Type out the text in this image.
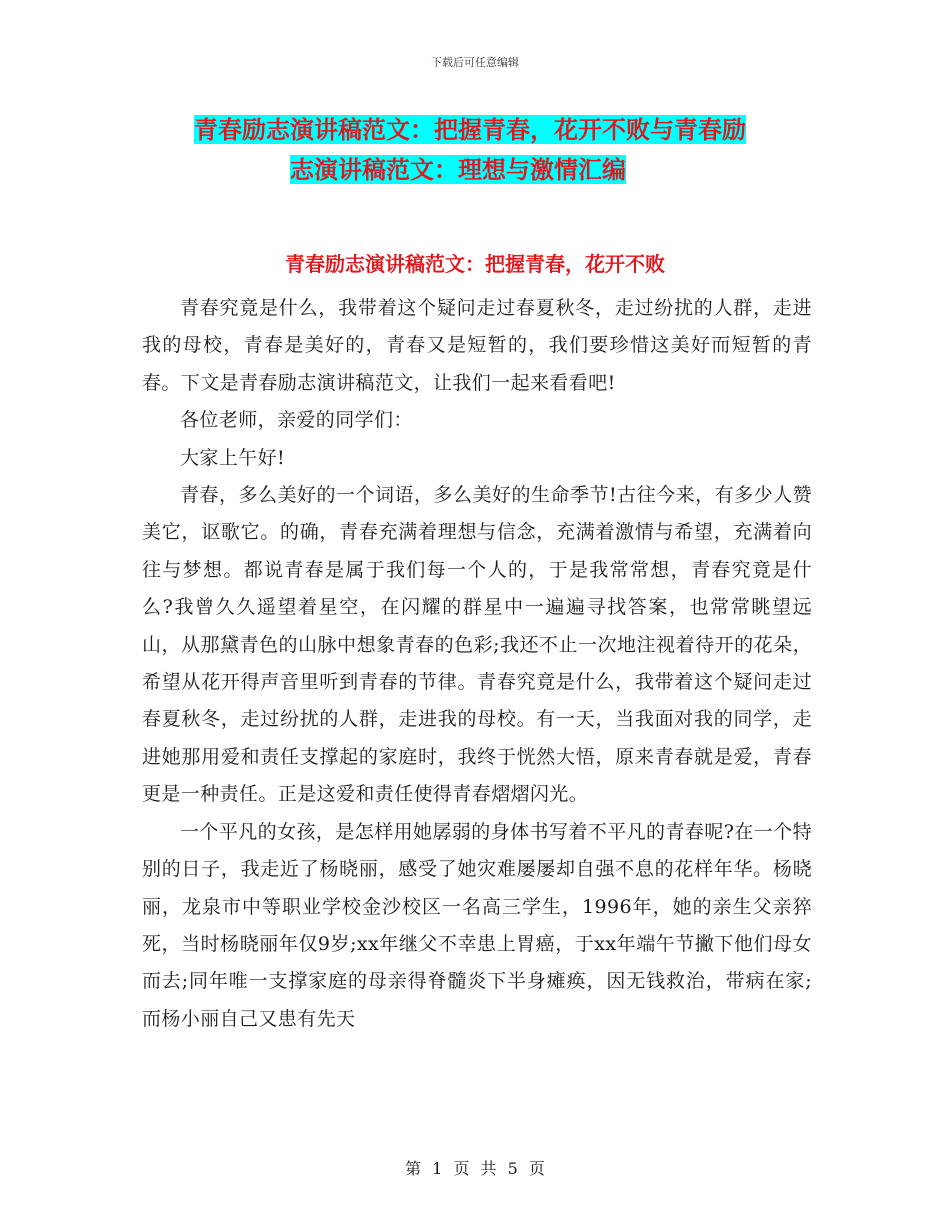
下载后可任意编辑
青春励志演讲稿范文：把握青春，花开不败与青春励
志演讲稿范文：理想与激情汇编
青春励志演讲稿范文：把握青春，花开不败

青春究竟是什么，我带着这个疑问走过春夏秋冬，走过纷扰的人群，走进我的母校，青春是美好的，青春又是短暂的，我们要珍惜这美好而短暂的青春。下文是青春励志演讲稿范文，让我们一起来看看吧!

各位老师，亲爱的同学们：

大家上午好!

青春，多么美好的一个词语，多么美好的生命季节!古往今来，有多少人赞美它，讴歌它。的确，青春充满着理想与信念，充满着激情与希望，充满着向往与梦想。都说青春是属于我们每一个人的，于是我常常想，青春究竟是什么?我曾久久遥望着星空，在闪耀的群星中一遍遍寻找答案，也常常眺望远山，从那黛青色的山脉中想象青春的色彩;我还不止一次地注视着待开的花朵，希望从花开得声音里听到青春的节律。青春究竟是什么，我带着这个疑问走过春夏秋冬，走过纷扰的人群，走进我的母校。有一天，当我面对我的同学，走进她那用爱和责任支撑起的家庭时，我终于恍然大悟，原来青春就是爱，青春更是一种责任。正是这爱和责任使得青春熠熠闪光。

一个平凡的女孩，是怎样用她孱弱的身体书写着不平凡的青春呢?在一个特别的日子，我走近了杨晓丽，感受了她灾难屡屡却自强不息的花样年华。杨晓丽，龙泉市中等职业学校金沙校区一名高三学生，1996年，她的亲生父亲猝死，当时杨晓丽年仅9岁;xx年继父不幸患上胃癌，于xx年端午节撇下他们母女而去;同年唯一支撑家庭的母亲得脊髓炎下半身瘫痪，因无钱救治，带病在家;而杨小丽自己又患有先天

第 1 页 共 5 页
